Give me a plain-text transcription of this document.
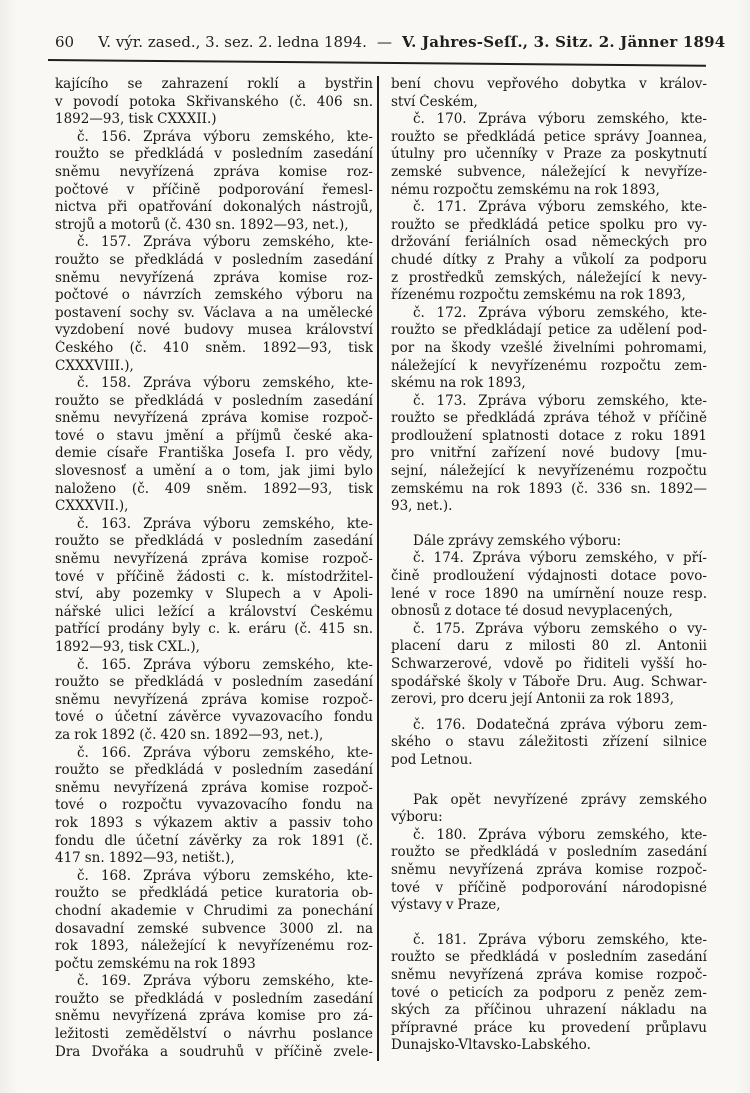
60 V. výr. zased., 3. sez. 2. ledna 1894. — V. Jahres-Seſſ., 3. Sitz. 2. Jänner 1894
kajícího se zahrazení roklí a bystřin
v povodí potoka Skřivanského (č. 406 sn.
1892—93, tisk CXXXII.)
č. 156. Zpráva výboru zemského, kte-
roužto se předkládá v posledním zasedání
sněmu nevyřízená zpráva komise roz-
počtové v příčině podporování řemesl-
nictva při opatřování dokonalých nástrojů,
strojů a motorů (č. 430 sn. 1892—93, net.),
č. 157. Zpráva výboru zemského, kte-
roužto se předkládá v posledním zasedání
sněmu nevyřízená zpráva komise roz-
počtové o návrzích zemského výboru na
postavení sochy sv. Václava a na umělecké
vyzdobení nové budovy musea království
Českého (č. 410 sněm. 1892—93, tisk
CXXXVIII.),
č. 158. Zpráva výboru zemského, kte-
roužto se předkládá v posledním zasedání
sněmu nevyřízená zpráva komise rozpoč-
tové o stavu jmění a příjmů české aka-
demie císaře Františka Josefa I. pro vědy,
slovesnosť a umění a o tom, jak jimi bylo
naloženo (č. 409 sněm. 1892—93, tisk
CXXXVII.),
č. 163. Zpráva výboru zemského, kte-
roužto se předkládá v posledním zasedání
sněmu nevyřízená zpráva komise rozpoč-
tové v příčině žádosti c. k. místodržitel-
ství, aby pozemky v Slupech a v Apoli-
nářské ulici ležící a království Českému
patřící prodány byly c. k. eráru (č. 415 sn.
1892—93, tisk CXL.),
č. 165. Zpráva výboru zemského, kte-
roužto se předkládá v posledním zasedání
sněmu nevyřízená zpráva komise rozpoč-
tové o účetní závěrce vyvazovacího fondu
za rok 1892 (č. 420 sn. 1892—93, net.),
č. 166. Zpráva výboru zemského, kte-
roužto se předkládá v posledním zasedání
sněmu nevyřízená zpráva komise rozpoč-
tové o rozpočtu vyvazovacího fondu na
rok 1893 s výkazem aktiv a passiv toho
fondu dle účetní závěrky za rok 1891 (č.
417 sn. 1892—93, netišt.),
č. 168. Zpráva výboru zemského, kte-
roužto se předkládá petice kuratoria ob-
chodní akademie v Chrudimi za ponechání
dosavadní zemské subvence 3000 zl. na
rok 1893, náležející k nevyřízenému roz-
počtu zemskému na rok 1893
č. 169. Zpráva výboru zemského, kte-
roužto se předkládá v posledním zasedání
sněmu nevyřízená zpráva komise pro zá-
ležitosti zemědělství o návrhu poslance
Dra Dvořáka a soudruhů v příčině zvele-
bení chovu vepřového dobytka v králov-
ství Českém,
č. 170. Zpráva výboru zemského, kte-
roužto se předkládá petice správy Joannea,
útulny pro učenníky v Praze za poskytnutí
zemské subvence, náležející k nevyříze-
nému rozpočtu zemskému na rok 1893,
č. 171. Zpráva výboru zemského, kte-
roužto se předkládá petice spolku pro vy-
držování feriálních osad německých pro
chudé dítky z Prahy a vůkolí za podporu
z prostředků zemských, náležející k nevy-
řízenému rozpočtu zemskému na rok 1893,
č. 172. Zpráva výboru zemského, kte-
roužto se předkládají petice za udělení pod-
por na škody vzešlé živelními pohromami,
náležející k nevyřízenému rozpočtu zem-
skému na rok 1893,
č. 173. Zpráva výboru zemského, kte-
roužto se předkládá zpráva téhož v příčině
prodloužení splatnosti dotace z roku 1891
pro vnitřní zařízení nové budovy [mu-
sejní, náležející k nevyřízenému rozpočtu
zemskému na rok 1893 (č. 336 sn. 1892—
93, net.).
Dále zprávy zemského výboru:
č. 174. Zpráva výboru zemského, v pří-
čině prodloužení výdajnosti dotace povo-
lené v roce 1890 na umírnění nouze resp.
obnosů z dotace té dosud nevyplacených,
č. 175. Zpráva výboru zemského o vy-
placení daru z milosti 80 zl. Antonii
Schwarzerové, vdově po řiditeli vyšší ho-
spodářské školy v Táboře Dru. Aug. Schwar-
zerovi, pro dceru její Antonii za rok 1893,
č. 176. Dodatečná zpráva výboru zem-
ského o stavu záležitosti zřízení silnice
pod Letnou.
Pak opět nevyřízené zprávy zemského
výboru:
č. 180. Zpráva výboru zemského, kte-
roužto se předkládá v posledním zasedání
sněmu nevyřízená zpráva komise rozpoč-
tové v příčině podporování národopisné
výstavy v Praze,
č. 181. Zpráva výboru zemského, kte-
roužto se předkládá v posledním zasedání
sněmu nevyřízená zpráva komise rozpoč-
tové o peticích za podporu z peněz zem-
ských za příčinou uhrazení nákladu na
přípravné práce ku provedení průplavu
Dunajsko-Vltavsko-Labského.
